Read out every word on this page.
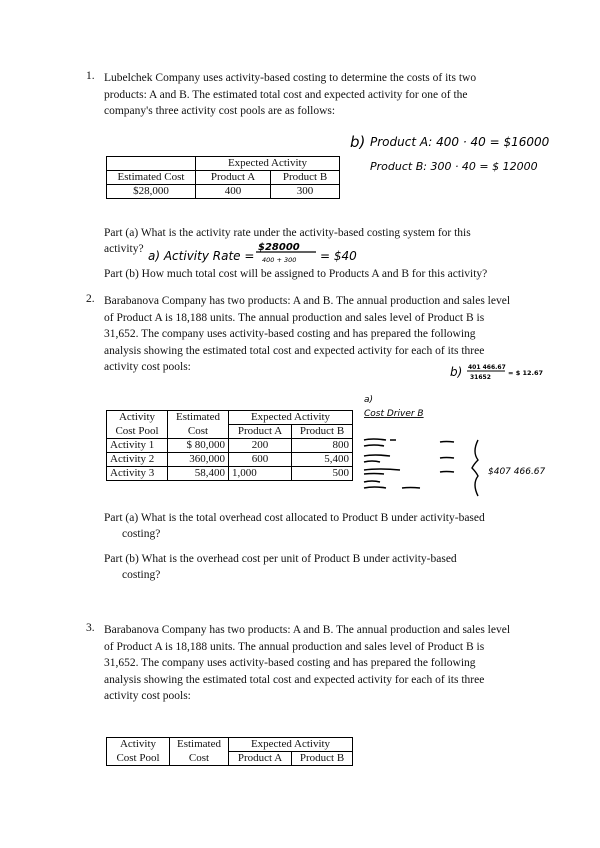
1. Lubelchek Company uses activity-based costing to determine the costs of its two products: A and B. The estimated total cost and expected activity for one of the company's three activity cost pools are as follows:
	Expected Activity	
Estimated Cost	Product A	Product B
$28,000	400	300
Part (a) What is the activity rate under the activity-based costing system for this
activity?
Part (b) How much total cost will be assigned to Products A and B for this activity?
b) Product A: 400 · 40 = $16000
Product B: 300 · 40 = $ 12000
a) Activity Rate =
$28000
400 + 300 = $40
2. Barabanova Company has two products: A and B. The annual production and sales level of Product A is 18,188 units. The annual production and sales level of Product B is 31,652. The company uses activity-based costing and has prepared the following analysis showing the estimated total cost and expected activity for each of its three activity cost pools:
Activity	Estimated	Expected Activity	
Cost Pool	Cost	Product A	Product B
Activity 1	$ 80,000	200	800
Activity 2	360,000	600	5,400
Activity 3	58,400	1,000	500
Part (a) What is the total overhead cost allocated to Product B under activity-based
costing?
Part (b) What is the overhead cost per unit of Product B under activity-based
costing?
b) 401 466.67
31652
= $ 12.67
a)
Cost Driver B
$407 466.67
3. Barabanova Company has two products: A and B. The annual production and sales level of Product A is 18,188 units. The annual production and sales level of Product B is 31,652. The company uses activity-based costing and has prepared the following analysis showing the estimated total cost and expected activity for each of its three activity cost pools:
Activity	Estimated	Expected Activity	
Cost Pool	Cost	Product A	Product B
